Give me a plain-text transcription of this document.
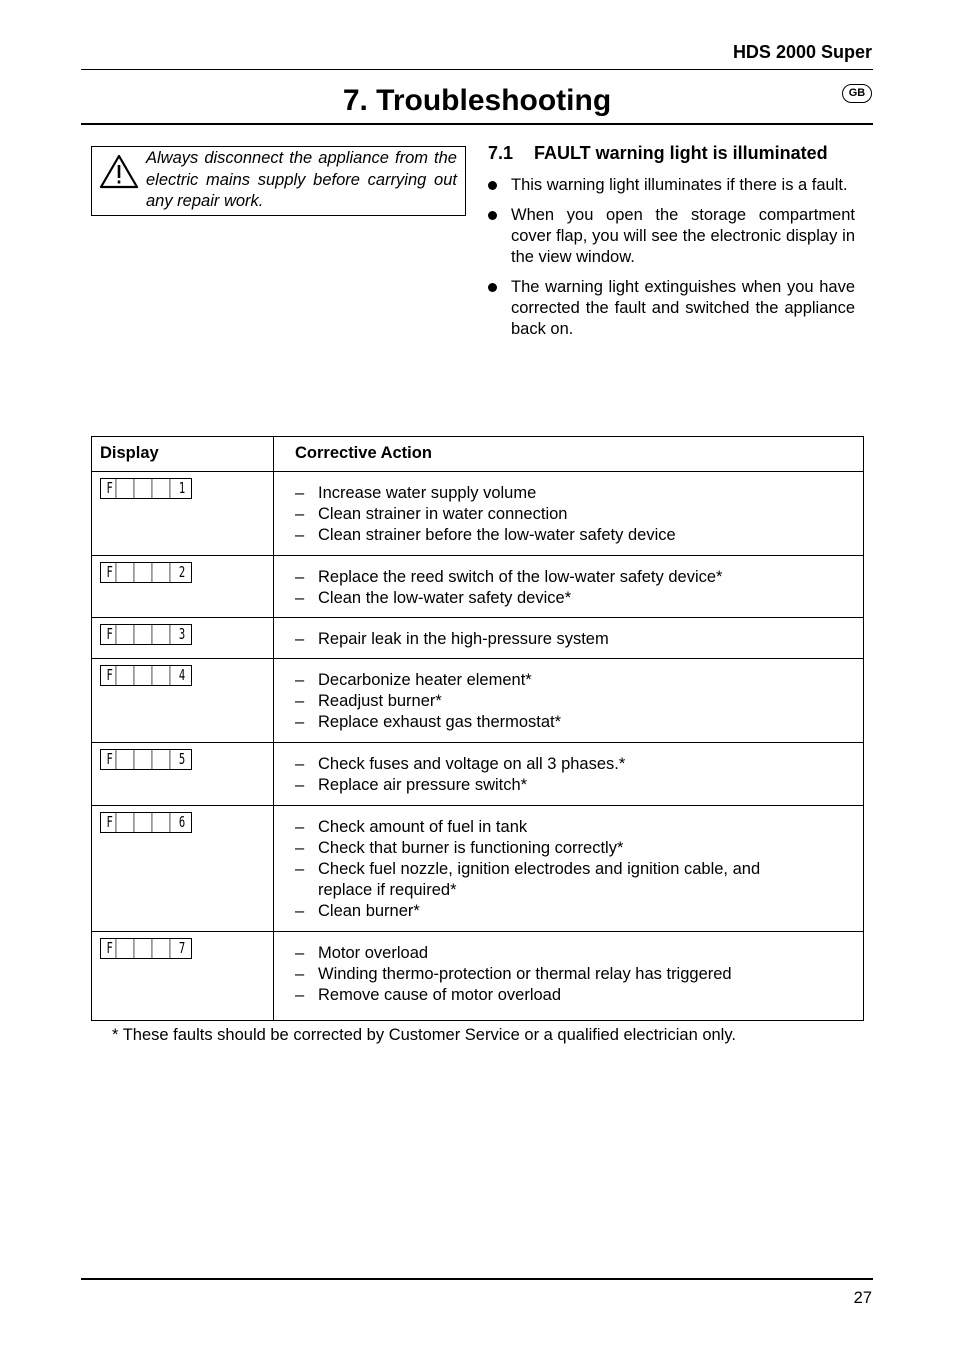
HDS 2000 Super
7. Troubleshooting	GB
Always disconnect the appliance from the electric mains supply before carrying out any repair work.
7.1 FAULT warning light is illuminated
This warning light illuminates if there is a fault.
When you open the storage compartment cover flap, you will see the electronic display in the view window.
The warning light extinguishes when you have corrected the fault and switched the appliance back on.
Display	Corrective Action
F	1	– Increase water supply volume
– Clean strainer in water connection
– Clean strainer before the low-water safety device
F	2	– Replace the reed switch of the low-water safety device*
– Clean the low-water safety device*
F	3	– Repair leak in the high-pressure system
F	4	– Decarbonize heater element*
– Readjust burner*
– Replace exhaust gas thermostat*
F	5	– Check fuses and voltage on all 3 phases.*
– Replace air pressure switch*
F	6	– Check amount of fuel in tank
– Check that burner is functioning correctly*
– Check fuel nozzle, ignition electrodes and ignition cable, and replace if required*
– Clean burner*
F	7	– Motor overload
– Winding thermo-protection or thermal relay has triggered
– Remove cause of motor overload
* These faults should be corrected by Customer Service or a qualified electrician only.
27
